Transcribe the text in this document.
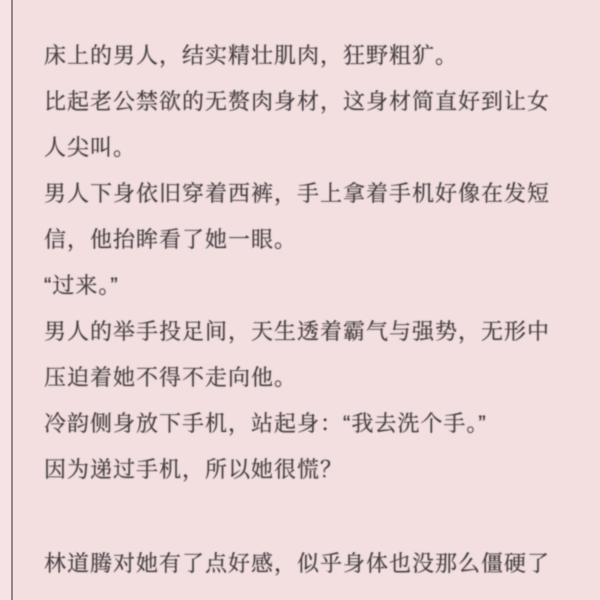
床上的男人，结实精壮肌肉，狂野粗犷。

比起老公禁欲的无赘肉身材，这身材简直好到让女人尖叫。

男人下身依旧穿着西裤，手上拿着手机好像在发短信，他抬眸看了她一眼。

“过来。”

男人的举手投足间，天生透着霸气与强势，无形中压迫着她不得不走向他。

冷韵侧身放下手机，站起身：“我去洗个手。”

因为递过手机，所以她很慌？

林道腾对她有了点好感，似乎身体也没那么僵硬了
